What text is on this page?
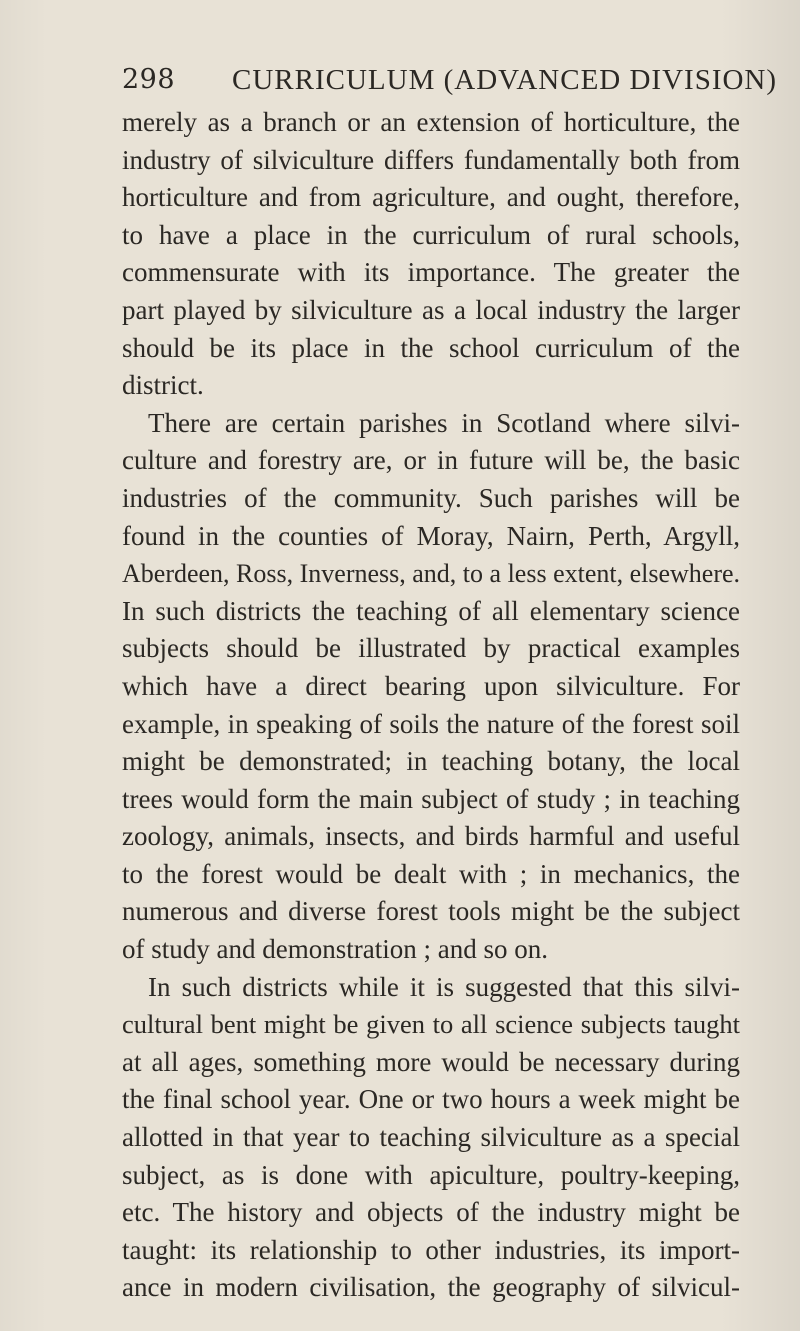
298 CURRICULUM (ADVANCED DIVISION)

merely as a branch or an extension of horticulture, the
industry of silviculture differs fundamentally both from
horticulture and from agriculture, and ought, therefore,
to have a place in the curriculum of rural schools,
commensurate with its importance. The greater the
part played by silviculture as a local industry the larger
should be its place in the school curriculum of the
district.

There are certain parishes in Scotland where silvi-
culture and forestry are, or in future will be, the basic
industries of the community. Such parishes will be
found in the counties of Moray, Nairn, Perth, Argyll,
Aberdeen, Ross, Inverness, and, to a less extent, elsewhere.
In such districts the teaching of all elementary science
subjects should be illustrated by practical examples
which have a direct bearing upon silviculture. For
example, in speaking of soils the nature of the forest soil
might be demonstrated; in teaching botany, the local
trees would form the main subject of study ; in teaching
zoology, animals, insects, and birds harmful and useful
to the forest would be dealt with ; in mechanics, the
numerous and diverse forest tools might be the subject
of study and demonstration ; and so on.

In such districts while it is suggested that this silvi-
cultural bent might be given to all science subjects taught
at all ages, something more would be necessary during
the final school year. One or two hours a week might be
allotted in that year to teaching silviculture as a special
subject, as is done with apiculture, poultry-keeping,
etc. The history and objects of the industry might be
taught: its relationship to other industries, its import-
ance in modern civilisation, the geography of silvicul-
